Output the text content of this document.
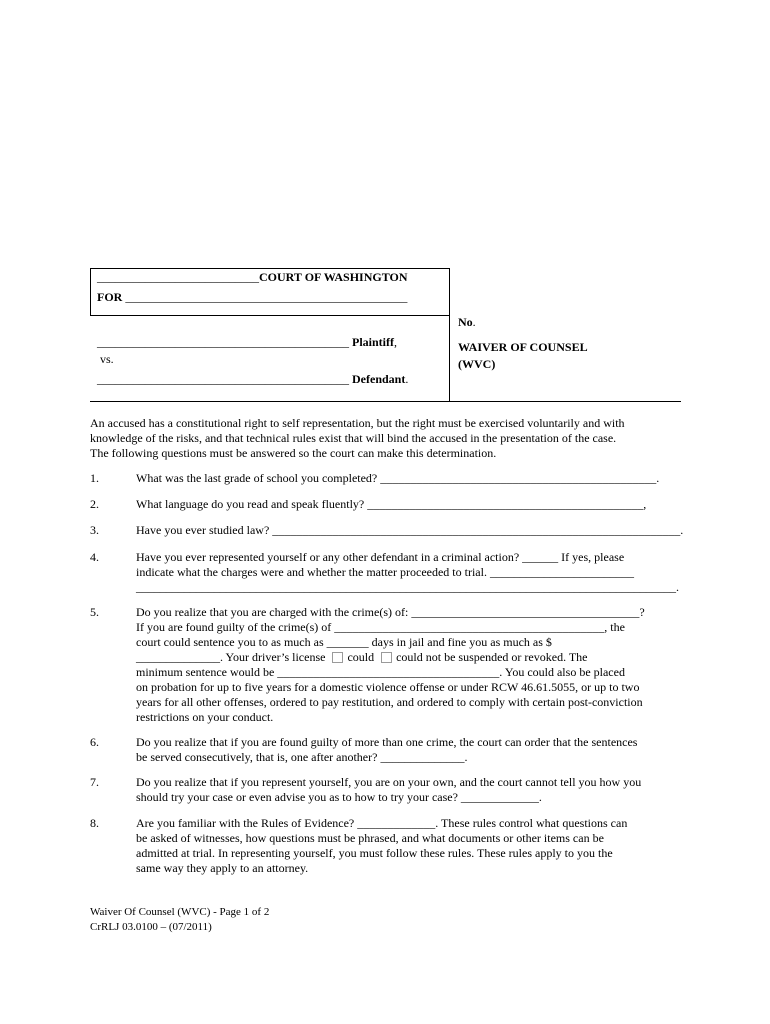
___________________________COURT OF WASHINGTON
FOR _______________________________________________
__________________________________________ Plaintiff,
vs.
__________________________________________ Defendant.
No.
WAIVER OF COUNSEL
(WVC)
An accused has a constitutional right to self representation, but the right must be exercised voluntarily and with
knowledge of the risks, and that technical rules exist that will bind the accused in the presentation of the case.
The following questions must be answered so the court can make this determination.
1.	What was the last grade of school you completed? ______________________________________________.
2.	What language do you read and speak fluently? ______________________________________________,
3.	Have you ever studied law? ____________________________________________________________________.
4.	Have you ever represented yourself or any other defendant in a criminal action? ______ If yes, please
indicate what the charges were and whether the matter proceeded to trial. ________________________
__________________________________________________________________________________________.
5.	Do you realize that you are charged with the crime(s) of: ______________________________________?
If you are found guilty of the crime(s) of _____________________________________________, the
court could sentence you to as much as _______ days in jail and fine you as much as $
______________. Your driver’s license could could not be suspended or revoked. The
minimum sentence would be _____________________________________. You could also be placed
on probation for up to five years for a domestic violence offense or under RCW 46.61.5055, or up to two
years for all other offenses, ordered to pay restitution, and ordered to comply with certain post-conviction
restrictions on your conduct.
6.	Do you realize that if you are found guilty of more than one crime, the court can order that the sentences
be served consecutively, that is, one after another? ______________.
7.	Do you realize that if you represent yourself, you are on your own, and the court cannot tell you how you
should try your case or even advise you as to how to try your case? _____________.
8.	Are you familiar with the Rules of Evidence? _____________. These rules control what questions can
be asked of witnesses, how questions must be phrased, and what documents or other items can be
admitted at trial. In representing yourself, you must follow these rules. These rules apply to you the
same way they apply to an attorney.
Waiver Of Counsel (WVC) - Page 1 of 2
CrRLJ 03.0100 – (07/2011)
